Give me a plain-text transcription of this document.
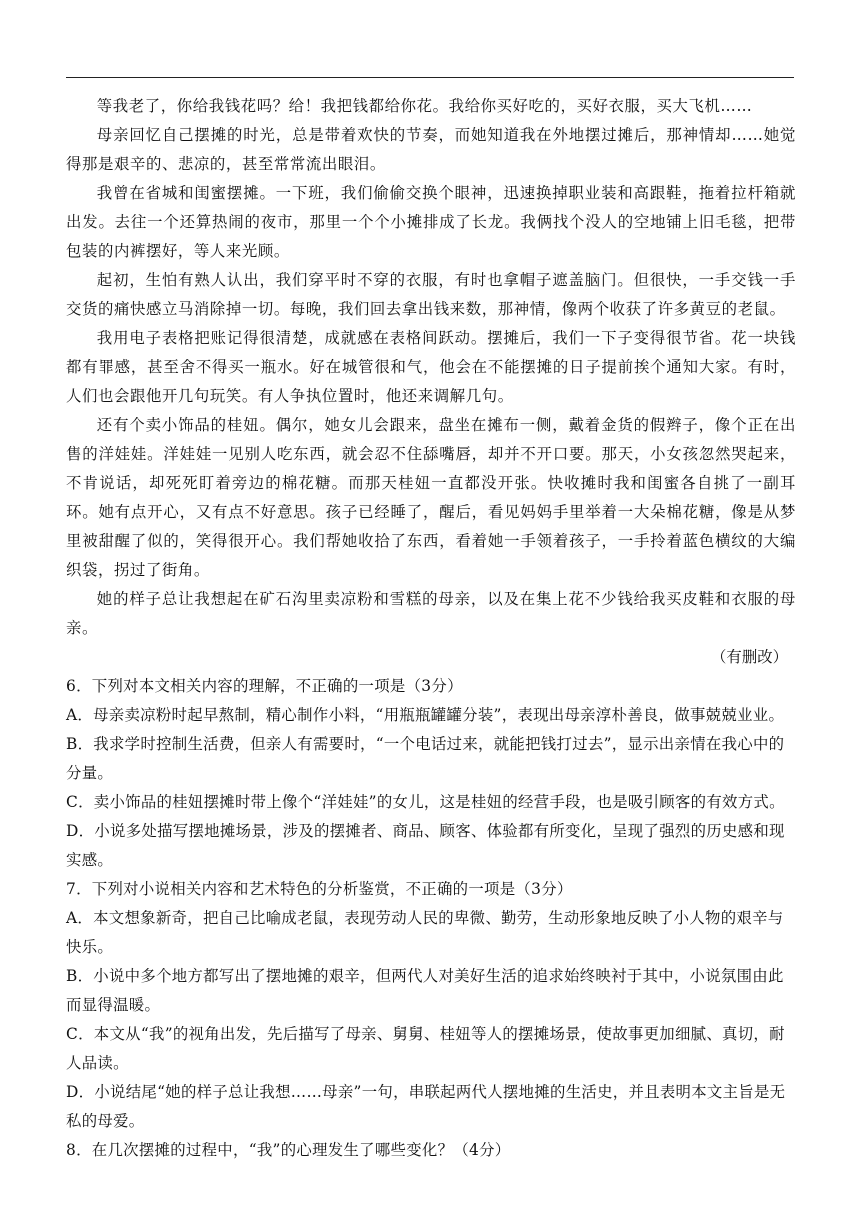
等我老了，你给我钱花吗？给！我把钱都给你花。我给你买好吃的，买好衣服，买大飞机……

母亲回忆自己摆摊的时光，总是带着欢快的节奏，而她知道我在外地摆过摊后，那神情却……她觉得那是艰辛的、悲凉的，甚至常常流出眼泪。

我曾在省城和闺蜜摆摊。一下班，我们偷偷交换个眼神，迅速换掉职业装和高跟鞋，拖着拉杆箱就出发。去往一个还算热闹的夜市，那里一个个小摊排成了长龙。我俩找个没人的空地铺上旧毛毯，把带包装的内裤摆好，等人来光顾。

起初，生怕有熟人认出，我们穿平时不穿的衣服，有时也拿帽子遮盖脑门。但很快，一手交钱一手交货的痛快感立马消除掉一切。每晚，我们回去拿出钱来数，那神情，像两个收获了许多黄豆的老鼠。

我用电子表格把账记得很清楚，成就感在表格间跃动。摆摊后，我们一下子变得很节省。花一块钱都有罪感，甚至舍不得买一瓶水。好在城管很和气，他会在不能摆摊的日子提前挨个通知大家。有时，人们也会跟他开几句玩笑。有人争执位置时，他还来调解几句。

还有个卖小饰品的桂妞。偶尔，她女儿会跟来，盘坐在摊布一侧，戴着金货的假辫子，像个正在出售的洋娃娃。洋娃娃一见别人吃东西，就会忍不住舔嘴唇，却并不开口要。那天，小女孩忽然哭起来，不肯说话，却死死盯着旁边的棉花糖。而那天桂妞一直都没开张。快收摊时我和闺蜜各自挑了一副耳环。她有点开心，又有点不好意思。孩子已经睡了，醒后，看见妈妈手里举着一大朵棉花糖，像是从梦里被甜醒了似的，笑得很开心。我们帮她收拾了东西，看着她一手领着孩子，一手拎着蓝色横纹的大编织袋，拐过了街角。

她的样子总让我想起在矿石沟里卖凉粉和雪糕的母亲，以及在集上花不少钱给我买皮鞋和衣服的母亲。

（有删改）

6．下列对本文相关内容的理解，不正确的一项是（3分）

A．母亲卖凉粉时起早熬制，精心制作小料，“用瓶瓶罐罐分装”，表现出母亲淳朴善良，做事兢兢业业。

B．我求学时控制生活费，但亲人有需要时，“一个电话过来，就能把钱打过去”，显示出亲情在我心中的分量。

C．卖小饰品的桂妞摆摊时带上像个“洋娃娃”的女儿，这是桂妞的经营手段，也是吸引顾客的有效方式。

D．小说多处描写摆地摊场景，涉及的摆摊者、商品、顾客、体验都有所变化，呈现了强烈的历史感和现实感。

7．下列对小说相关内容和艺术特色的分析鉴赏，不正确的一项是（3分）

A．本文想象新奇，把自己比喻成老鼠，表现劳动人民的卑微、勤劳，生动形象地反映了小人物的艰辛与快乐。

B．小说中多个地方都写出了摆地摊的艰辛，但两代人对美好生活的追求始终映衬于其中，小说氛围由此而显得温暖。

C．本文从“我”的视角出发，先后描写了母亲、舅舅、桂妞等人的摆摊场景，使故事更加细腻、真切，耐人品读。

D．小说结尾“她的样子总让我想……母亲”一句，串联起两代人摆地摊的生活史，并且表明本文主旨是无私的母爱。

8．在几次摆摊的过程中，“我”的心理发生了哪些变化？（4分）
